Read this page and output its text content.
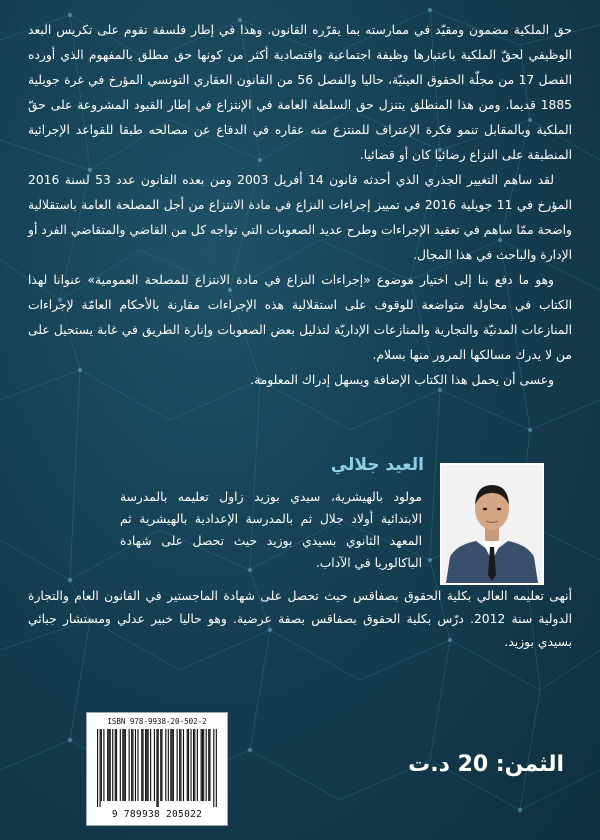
حق الملكية مضمون ومقيّد في ممارسته بما يقرّره القانون. وهذا في إطار فلسفة تقوم على تكريس البعد الوظيفي لحقّ الملكية باعتبارها وظيفة اجتماعية واقتصادية أكثر من كونها حق مطلق بالمفهوم الذي أورده الفصل 17 من مجلّة الحقوق العينيّة، حاليا والفصل 56 من القانون العقاري التونسي المؤرخ في غرة جويلية 1885 قديما. ومن هذا المنطلق يتنزل حق السلطة العامة في الإنتزاع في إطار القيود المشروعة على حقّ الملكية وبالمقابل تنمو فكرة الإعتراف للمنتزع منه عقاره في الدفاع عن مصالحه طبقا للقواعد الإجرائية المنطبقة على النزاع رضائيا كان أو قضائيا.

لقد ساهم التغيير الجذري الذي أحدثه قانون 14 أفريل 2003 ومن بعده القانون عدد 53 لسنة 2016 المؤرخ في 11 جويلية 2016 في تمييز إجراءات النزاع في مادة الانتزاع من أجل المصلحة العامة باستقلالية واضحة ممّا ساهم في تعقيد الإجراءات وطرح عديد الصعوبات التي تواجه كل من القاضي والمتقاضي الفرد أو الإدارة والباحث في هذا المجال.

وهو ما دفع بنا إلى اختيار موضوع «إجراءات النزاع في مادة الانتزاع للمصلحة العمومية» عنوانا لهذا الكتاب في محاولة متواضعة للوقوف على استقلالية هذه الإجراءات مقارنة بالأحكام العامّة لإجراءات المنازعات المدنيّة والتجارية والمنازعات الإداريّة لتذليل بعض الصعوبات وإنارة الطريق في غابة يستحيل على من لا يدرك مسالكها المرور منها بسلام.

وعسى أن يحمل هذا الكتاب الإضافة ويسهل إدراك المعلومة.

العيد جلالي

مولود بالهيشرية، سيدي بوزيد زاول تعليمه بالمدرسة الابتدائية أولاد جلال ثم بالمدرسة الإعدادية بالهيشرية ثم المعهد الثانوي بسيدي بوزيد حيث تحصل على شهادة الباكالوريا في الآداب.

أنهى تعليمه العالي بكلية الحقوق بصفاقس حيث تحصل على شهادة الماجستير في القانون العام والتجارة الدولية سنة 2012. درّس بكلية الحقوق بصفاقس بصفة عرضية. وهو حاليا خبير عدلي ومستشار جبائي بسيدي بوزيد.

ISBN 978-9938-20-502-2
9 789938 205022

الثمن: 20 د.ت
